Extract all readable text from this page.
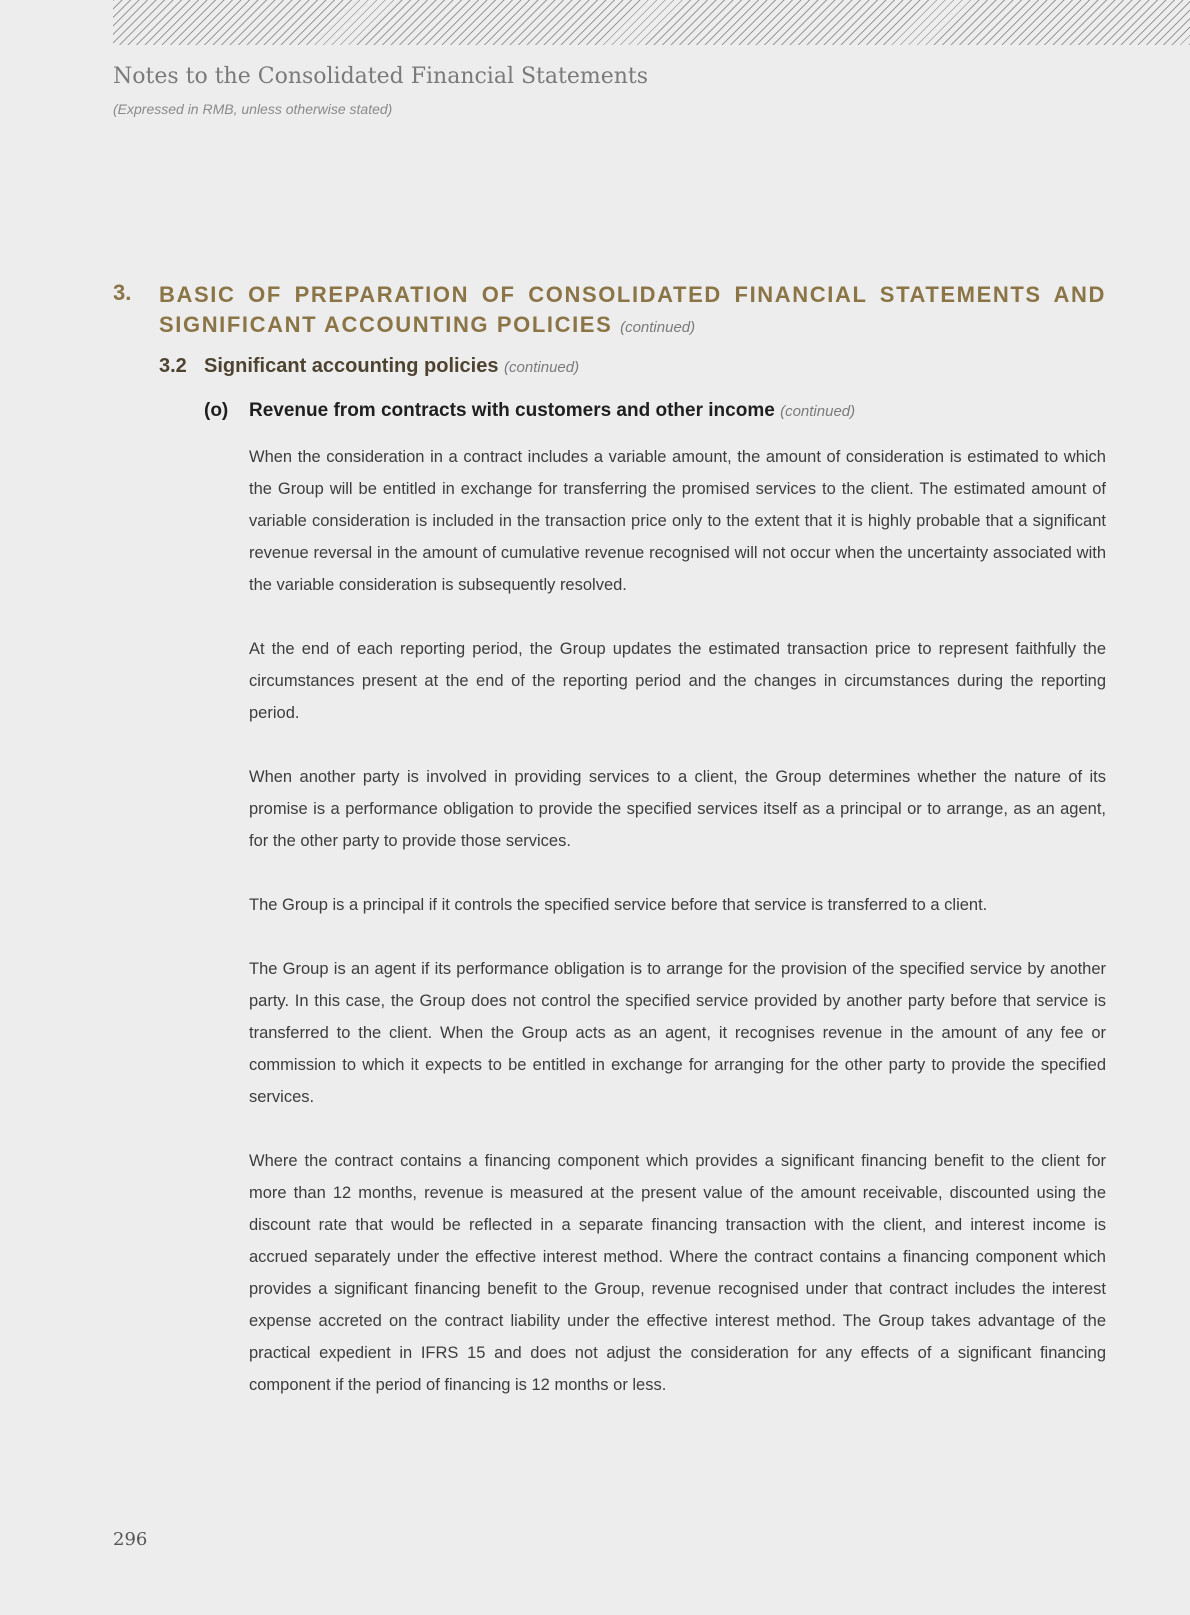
Notes to the Consolidated Financial Statements
(Expressed in RMB, unless otherwise stated)
3. BASIC OF PREPARATION OF CONSOLIDATED FINANCIAL STATEMENTS AND SIGNIFICANT ACCOUNTING POLICIES (continued)
3.2 Significant accounting policies (continued)
(o) Revenue from contracts with customers and other income (continued)

When the consideration in a contract includes a variable amount, the amount of consideration is estimated to which the Group will be entitled in exchange for transferring the promised services to the client. The estimated amount of variable consideration is included in the transaction price only to the extent that it is highly probable that a significant revenue reversal in the amount of cumulative revenue recognised will not occur when the uncertainty associated with the variable consideration is subsequently resolved.

At the end of each reporting period, the Group updates the estimated transaction price to represent faithfully the circumstances present at the end of the reporting period and the changes in circumstances during the reporting period.

When another party is involved in providing services to a client, the Group determines whether the nature of its promise is a performance obligation to provide the specified services itself as a principal or to arrange, as an agent, for the other party to provide those services.

The Group is a principal if it controls the specified service before that service is transferred to a client.

The Group is an agent if its performance obligation is to arrange for the provision of the specified service by another party. In this case, the Group does not control the specified service provided by another party before that service is transferred to the client. When the Group acts as an agent, it recognises revenue in the amount of any fee or commission to which it expects to be entitled in exchange for arranging for the other party to provide the specified services.

Where the contract contains a financing component which provides a significant financing benefit to the client for more than 12 months, revenue is measured at the present value of the amount receivable, discounted using the discount rate that would be reflected in a separate financing transaction with the client, and interest income is accrued separately under the effective interest method. Where the contract contains a financing component which provides a significant financing benefit to the Group, revenue recognised under that contract includes the interest expense accreted on the contract liability under the effective interest method. The Group takes advantage of the practical expedient in IFRS 15 and does not adjust the consideration for any effects of a significant financing component if the period of financing is 12 months or less.

296
